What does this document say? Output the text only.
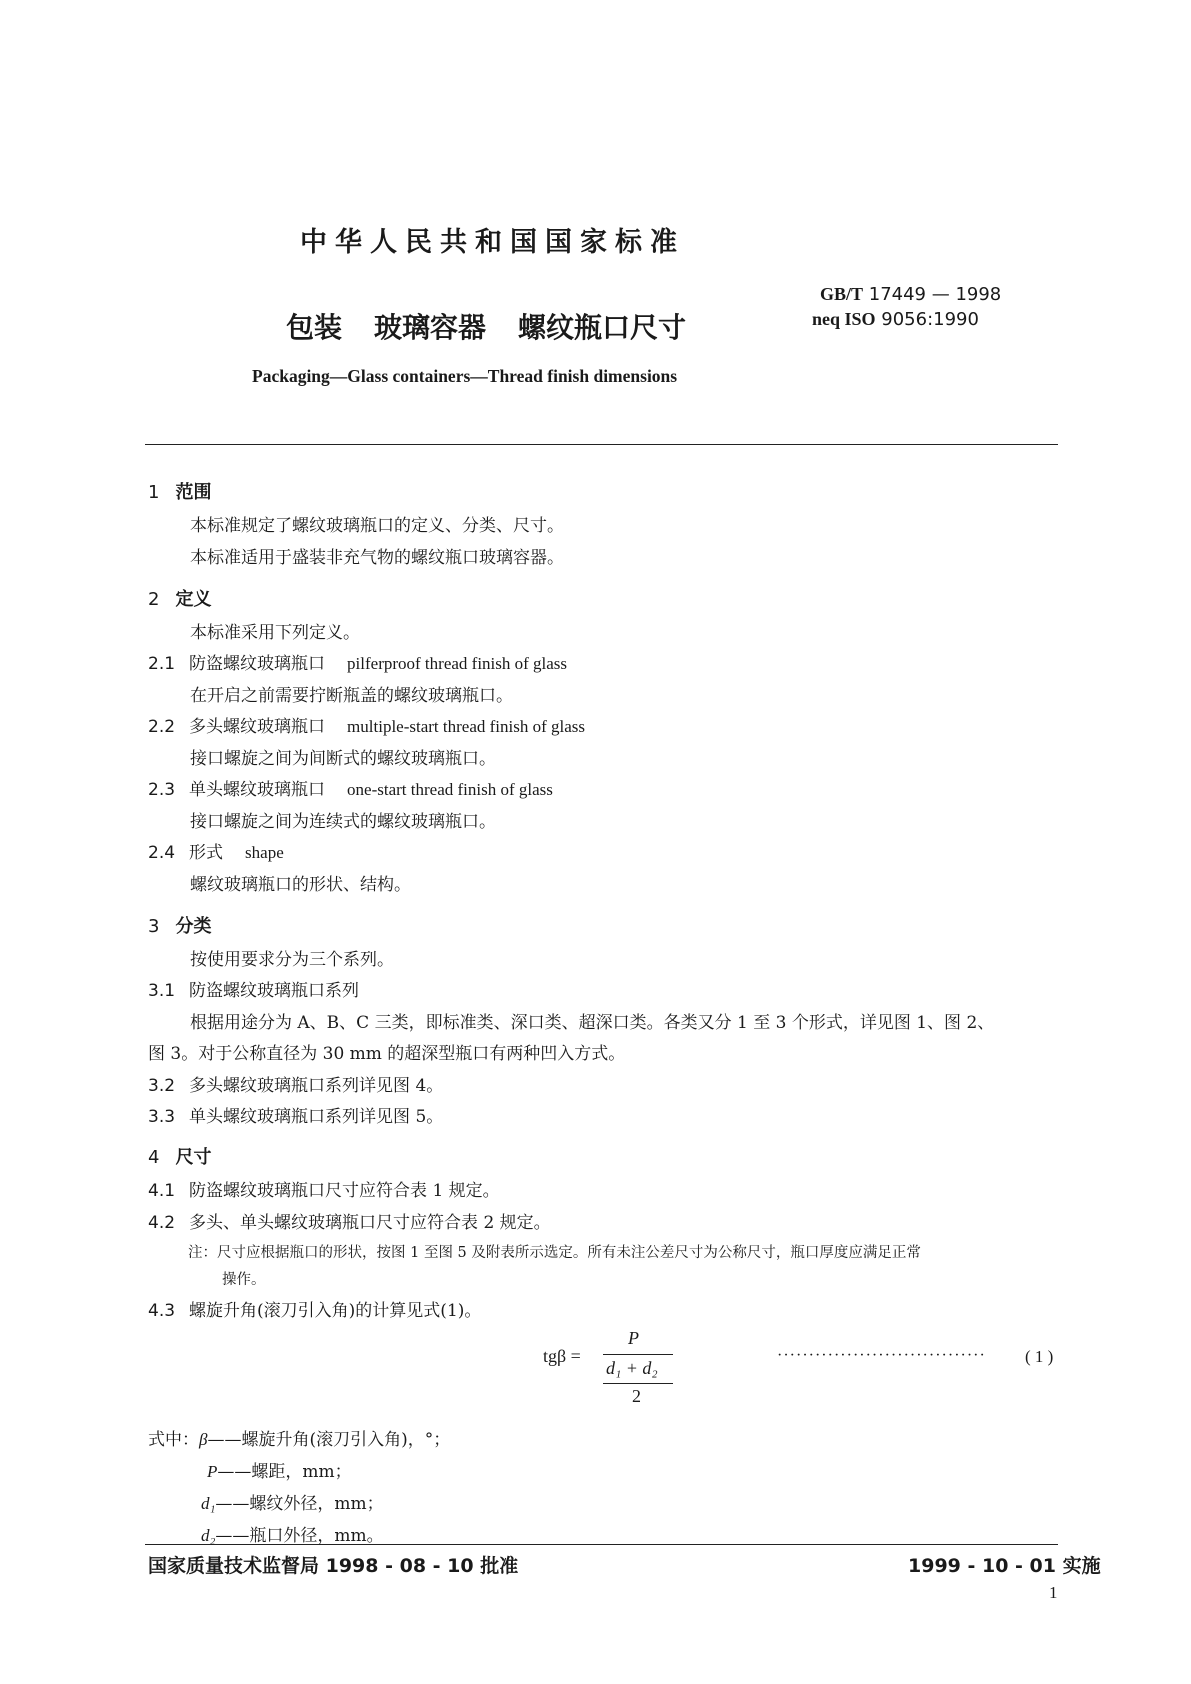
中华人民共和国国家标准
GB/T 17449 — 1998
neq ISO 9056:1990
包装 玻璃容器 螺纹瓶口尺寸
Packaging—Glass containers—Thread finish dimensions
1 范围
本标准规定了螺纹玻璃瓶口的定义、分类、尺寸。
本标准适用于盛装非充气物的螺纹瓶口玻璃容器。
2 定义
本标准采用下列定义。
2.1 防盗螺纹玻璃瓶口 pilferproof thread finish of glass
在开启之前需要拧断瓶盖的螺纹玻璃瓶口。
2.2 多头螺纹玻璃瓶口 multiple-start thread finish of glass
接口螺旋之间为间断式的螺纹玻璃瓶口。
2.3 单头螺纹玻璃瓶口 one-start thread finish of glass
接口螺旋之间为连续式的螺纹玻璃瓶口。
2.4 形式 shape
螺纹玻璃瓶口的形状、结构。
3 分类
按使用要求分为三个系列。
3.1 防盗螺纹玻璃瓶口系列
根据用途分为 A、B、C 三类，即标准类、深口类、超深口类。各类又分 1 至 3 个形式，详见图 1、图 2、
图 3。对于公称直径为 30 mm 的超深型瓶口有两种凹入方式。
3.2 多头螺纹玻璃瓶口系列详见图 4。
3.3 单头螺纹玻璃瓶口系列详见图 5。
4 尺寸
4.1 防盗螺纹玻璃瓶口尺寸应符合表 1 规定。
4.2 多头、单头螺纹玻璃瓶口尺寸应符合表 2 规定。
注：尺寸应根据瓶口的形状，按图 1 至图 5 及附表所示选定。所有未注公差尺寸为公称尺寸，瓶口厚度应满足正常
操作。
4.3 螺旋升角(滚刀引入角)的计算见式(1)。
tgβ =
P
d₁ + d₂
2
································· ( 1 )
式中：β——螺旋升角(滚刀引入角)，°；
P——螺距，mm；
d₁——螺纹外径，mm；
d₂——瓶口外径，mm。
国家质量技术监督局 1998 - 08 - 10 批准	1999 - 10 - 01 实施
1
